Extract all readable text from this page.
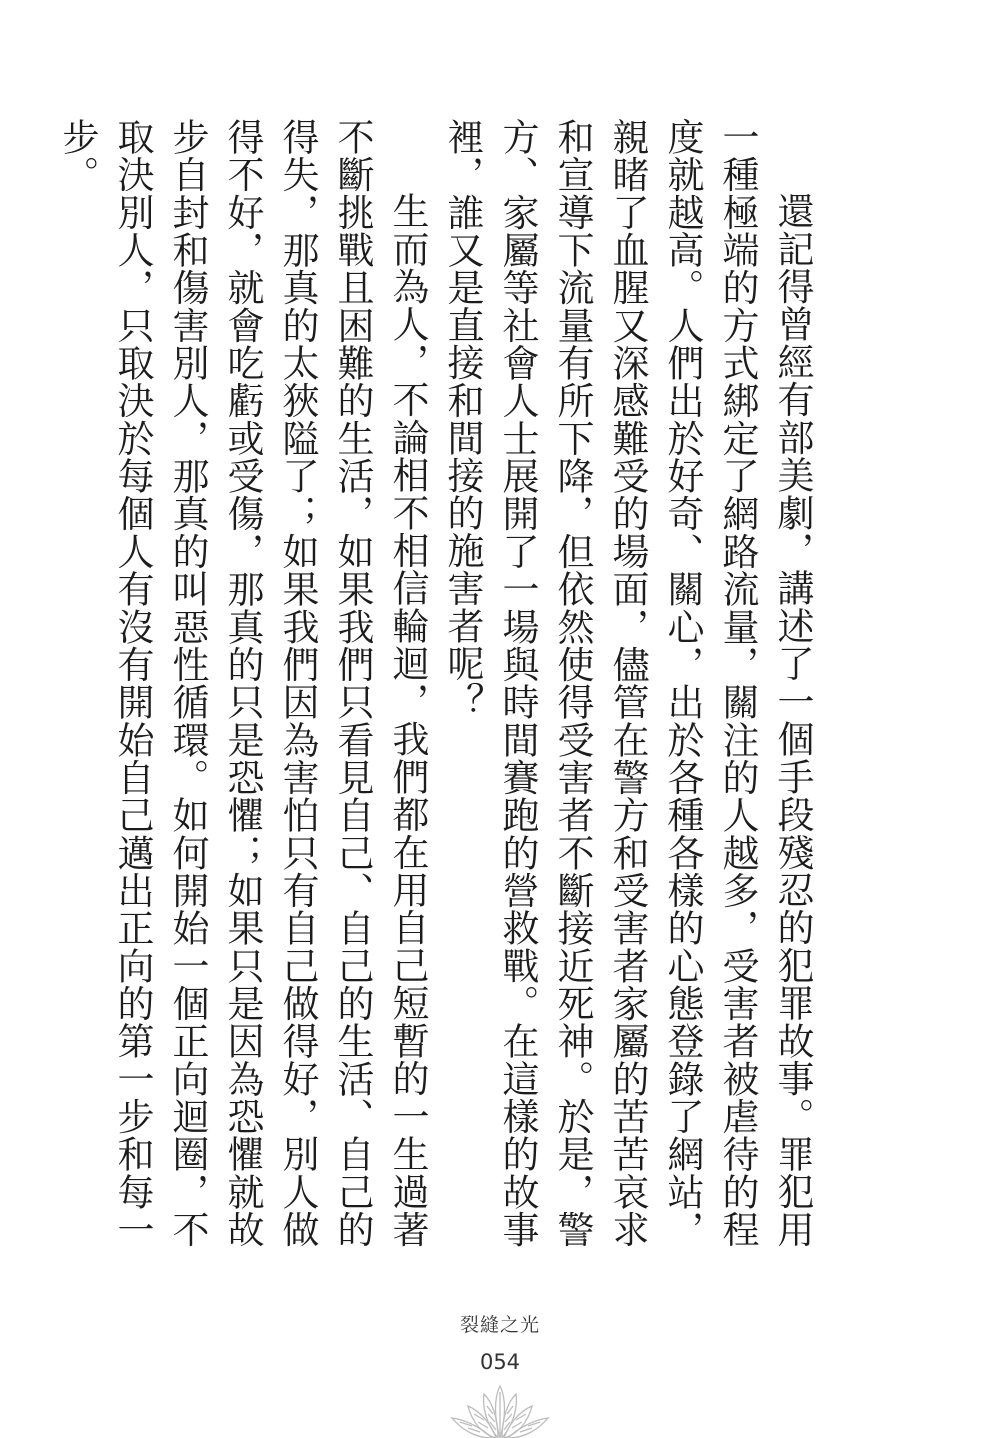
還記得曾經有部美劇，講述了一個手段殘忍的犯罪故事。罪犯用一種極端的方式綁定了網路流量，關注的人越多，受害者被虐待的程度就越高。人們出於好奇、關心，出於各種各樣的心態登錄了網站，親睹了血腥又深感難受的場面，儘管在警方和受害者家屬的苦苦哀求和宣導下流量有所下降，但依然使得受害者不斷接近死神。於是，警方、家屬等社會人士展開了一場與時間賽跑的營救戰。在這樣的故事裡，誰又是直接和間接的施害者呢？

生而為人，不論相不相信輪迴，我們都在用自己短暫的一生過著不斷挑戰且困難的生活，如果我們只看見自己、自己的生活、自己的得失，那真的太狹隘了；如果我們因為害怕只有自己做得好，別人做得不好，就會吃虧或受傷，那真的只是恐懼；如果只是因為恐懼就故步自封和傷害別人，那真的叫惡性循環。如何開始一個正向迴圈，不取決別人，只取決於每個人有沒有開始自己邁出正向的第一步和每一步。

裂縫之光
054
